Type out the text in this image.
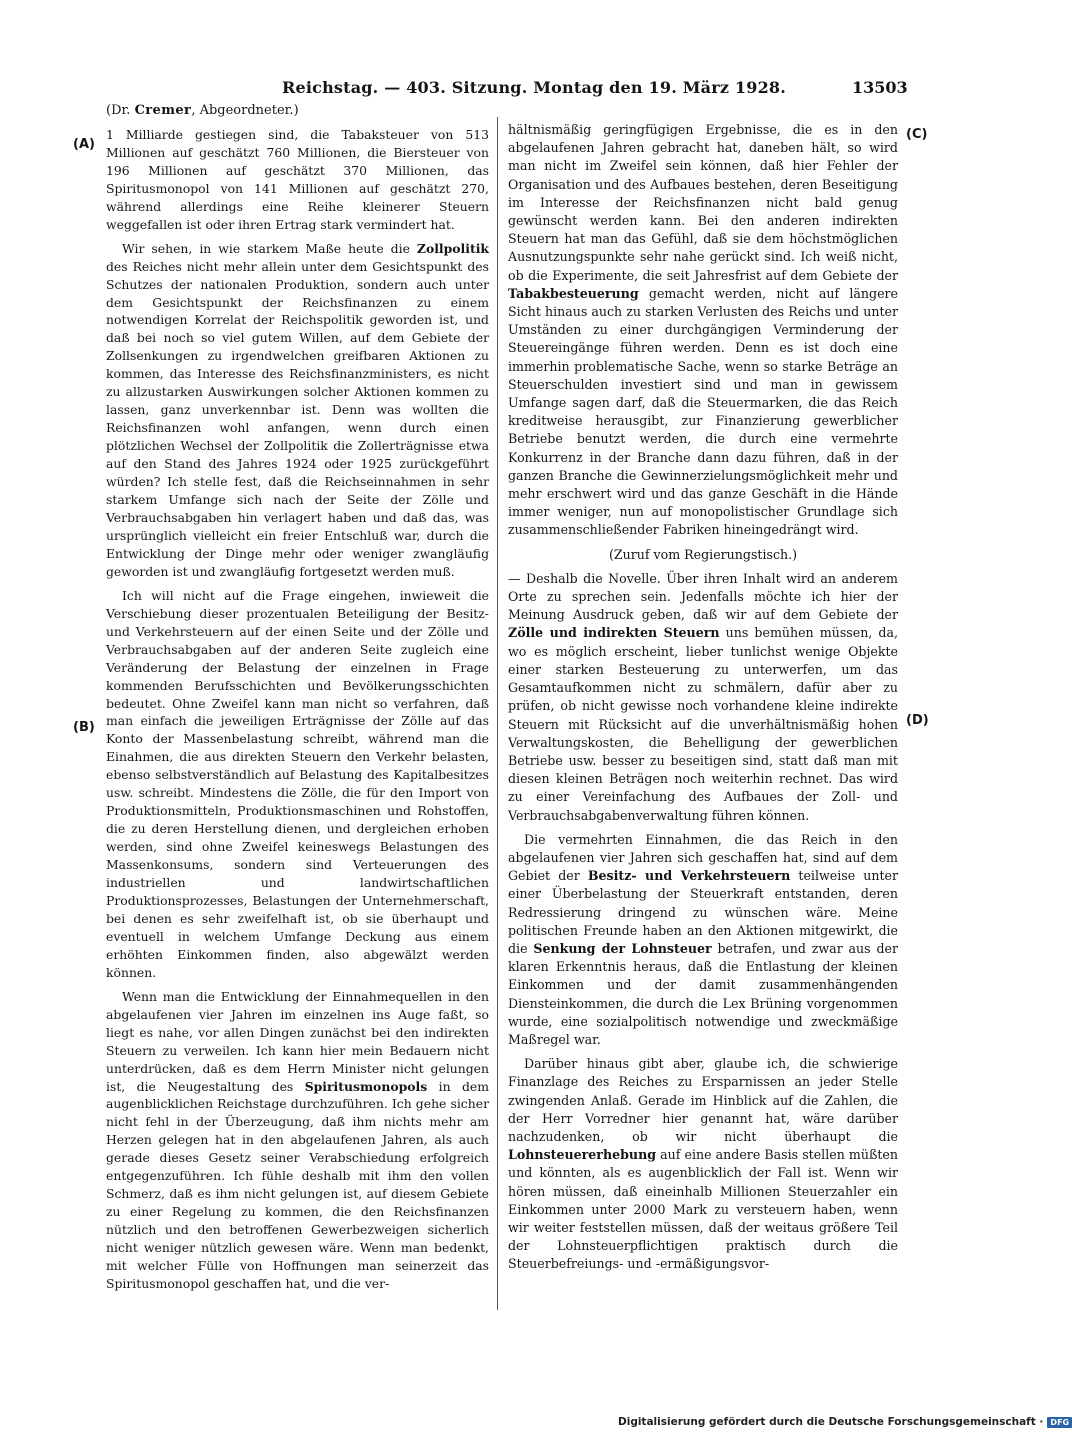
Reichstag. — 403. Sitzung. Montag den 19. März 1928.	13503
(A)
(B)
(C)
(D)

(Dr. Cremer, Abgeordneter.)

1 Milliarde gestiegen sind, die Tabaksteuer von 513 Millionen auf geschätzt 760 Millionen, die Biersteuer von 196 Millionen auf geschätzt 370 Millionen, das Spiritusmonopol von 141 Millionen auf geschätzt 270, während allerdings eine Reihe kleinerer Steuern weggefallen ist oder ihren Ertrag stark vermindert hat.

Wir sehen, in wie starkem Maße heute die Zollpolitik des Reiches nicht mehr allein unter dem Gesichtspunkt des Schutzes der nationalen Produktion, sondern auch unter dem Gesichtspunkt der Reichsfinanzen zu einem notwendigen Korrelat der Reichspolitik geworden ist, und daß bei noch so viel gutem Willen, auf dem Gebiete der Zollsenkungen zu irgendwelchen greifbaren Aktionen zu kommen, das Interesse des Reichsfinanzministers, es nicht zu allzustarken Auswirkungen solcher Aktionen kommen zu lassen, ganz unverkennbar ist. Denn was wollten die Reichsfinanzen wohl anfangen, wenn durch einen plötzlichen Wechsel der Zollpolitik die Zollerträgnisse etwa auf den Stand des Jahres 1924 oder 1925 zurückgeführt würden? Ich stelle fest, daß die Reichseinnahmen in sehr starkem Umfange sich nach der Seite der Zölle und Verbrauchsabgaben hin verlagert haben und daß das, was ursprünglich vielleicht ein freier Entschluß war, durch die Entwicklung der Dinge mehr oder weniger zwangläufig geworden ist und zwangläufig fortgesetzt werden muß.

Ich will nicht auf die Frage eingehen, inwieweit die Verschiebung dieser prozentualen Beteiligung der Besitz- und Verkehrsteuern auf der einen Seite und der Zölle und Verbrauchsabgaben auf der anderen Seite zugleich eine Veränderung der Belastung der einzelnen in Frage kommenden Berufsschichten und Bevölkerungsschichten bedeutet. Ohne Zweifel kann man nicht so verfahren, daß man einfach die jeweiligen Erträgnisse der Zölle auf das Konto der Massenbelastung schreibt, während man die Einahmen, die aus direkten Steuern den Verkehr belasten, ebenso selbstverständlich auf Belastung des Kapitalbesitzes usw. schreibt. Mindestens die Zölle, die für den Import von Produktionsmitteln, Produktionsmaschinen und Rohstoffen, die zu deren Herstellung dienen, und dergleichen erhoben werden, sind ohne Zweifel keineswegs Belastungen des Massenkonsums, sondern sind Verteuerungen des industriellen und landwirtschaftlichen Produktionsprozesses, Belastungen der Unternehmerschaft, bei denen es sehr zweifelhaft ist, ob sie überhaupt und eventuell in welchem Umfange Deckung aus einem erhöhten Einkommen finden, also abgewälzt werden können.

Wenn man die Entwicklung der Einnahmequellen in den abgelaufenen vier Jahren im einzelnen ins Auge faßt, so liegt es nahe, vor allen Dingen zunächst bei den indirekten Steuern zu verweilen. Ich kann hier mein Bedauern nicht unterdrücken, daß es dem Herrn Minister nicht gelungen ist, die Neugestaltung des Spiritusmonopols in dem augenblicklichen Reichstage durchzuführen. Ich gehe sicher nicht fehl in der Überzeugung, daß ihm nichts mehr am Herzen gelegen hat in den abgelaufenen Jahren, als auch gerade dieses Gesetz seiner Verabschiedung erfolgreich entgegenzuführen. Ich fühle deshalb mit ihm den vollen Schmerz, daß es ihm nicht gelungen ist, auf diesem Gebiete zu einer Regelung zu kommen, die den Reichsfinanzen nützlich und den betroffenen Gewerbezweigen sicherlich nicht weniger nützlich gewesen wäre. Wenn man bedenkt, mit welcher Fülle von Hoffnungen man seinerzeit das Spiritusmonopol geschaffen hat, und die ver-

hältnismäßig geringfügigen Ergebnisse, die es in den abgelaufenen Jahren gebracht hat, daneben hält, so wird man nicht im Zweifel sein können, daß hier Fehler der Organisation und des Aufbaues bestehen, deren Beseitigung im Interesse der Reichsfinanzen nicht bald genug gewünscht werden kann. Bei den anderen indirekten Steuern hat man das Gefühl, daß sie dem höchstmöglichen Ausnutzungspunkte sehr nahe gerückt sind. Ich weiß nicht, ob die Experimente, die seit Jahresfrist auf dem Gebiete der Tabakbesteuerung gemacht werden, nicht auf längere Sicht hinaus auch zu starken Verlusten des Reichs und unter Umständen zu einer durchgängigen Verminderung der Steuereingänge führen werden. Denn es ist doch eine immerhin problematische Sache, wenn so starke Beträge an Steuerschulden investiert sind und man in gewissem Umfange sagen darf, daß die Steuermarken, die das Reich kreditweise herausgibt, zur Finanzierung gewerblicher Betriebe benutzt werden, die durch eine vermehrte Konkurrenz in der Branche dann dazu führen, daß in der ganzen Branche die Gewinnerzielungsmöglichkeit mehr und mehr erschwert wird und das ganze Geschäft in die Hände immer weniger, nun auf monopolistischer Grundlage sich zusammenschließender Fabriken hineingedrängt wird.

(Zuruf vom Regierungstisch.)

— Deshalb die Novelle. Über ihren Inhalt wird an anderem Orte zu sprechen sein. Jedenfalls möchte ich hier der Meinung Ausdruck geben, daß wir auf dem Gebiete der Zölle und indirekten Steuern uns bemühen müssen, da, wo es möglich erscheint, lieber tunlichst wenige Objekte einer starken Besteuerung zu unterwerfen, um das Gesamtaufkommen nicht zu schmälern, dafür aber zu prüfen, ob nicht gewisse noch vorhandene kleine indirekte Steuern mit Rücksicht auf die unverhältnismäßig hohen Verwaltungskosten, die Behelligung der gewerblichen Betriebe usw. besser zu beseitigen sind, statt daß man mit diesen kleinen Beträgen noch weiterhin rechnet. Das wird zu einer Vereinfachung des Aufbaues der Zoll- und Verbrauchsabgabenverwaltung führen können.

Die vermehrten Einnahmen, die das Reich in den abgelaufenen vier Jahren sich geschaffen hat, sind auf dem Gebiet der Besitz- und Verkehrsteuern teilweise unter einer Überbelastung der Steuerkraft entstanden, deren Redressierung dringend zu wünschen wäre. Meine politischen Freunde haben an den Aktionen mitgewirkt, die die Senkung der Lohnsteuer betrafen, und zwar aus der klaren Erkenntnis heraus, daß die Entlastung der kleinen Einkommen und der damit zusammenhängenden Diensteinkommen, die durch die Lex Brüning vorgenommen wurde, eine sozialpolitisch notwendige und zweckmäßige Maßregel war.

Darüber hinaus gibt aber, glaube ich, die schwierige Finanzlage des Reiches zu Ersparnissen an jeder Stelle zwingenden Anlaß. Gerade im Hinblick auf die Zahlen, die der Herr Vorredner hier genannt hat, wäre darüber nachzudenken, ob wir nicht überhaupt die Lohnsteuererhebung auf eine andere Basis stellen müßten und könnten, als es augenblicklich der Fall ist. Wenn wir hören müssen, daß eineinhalb Millionen Steuerzahler ein Einkommen unter 2000 Mark zu versteuern haben, wenn wir weiter feststellen müssen, daß der weitaus größere Teil der Lohnsteuerpflichtigen praktisch durch die Steuerbefreiungs- und -ermäßigungsvor-

Digitalisierung gefördert durch die Deutsche Forschungsgemeinschaft · DFG
